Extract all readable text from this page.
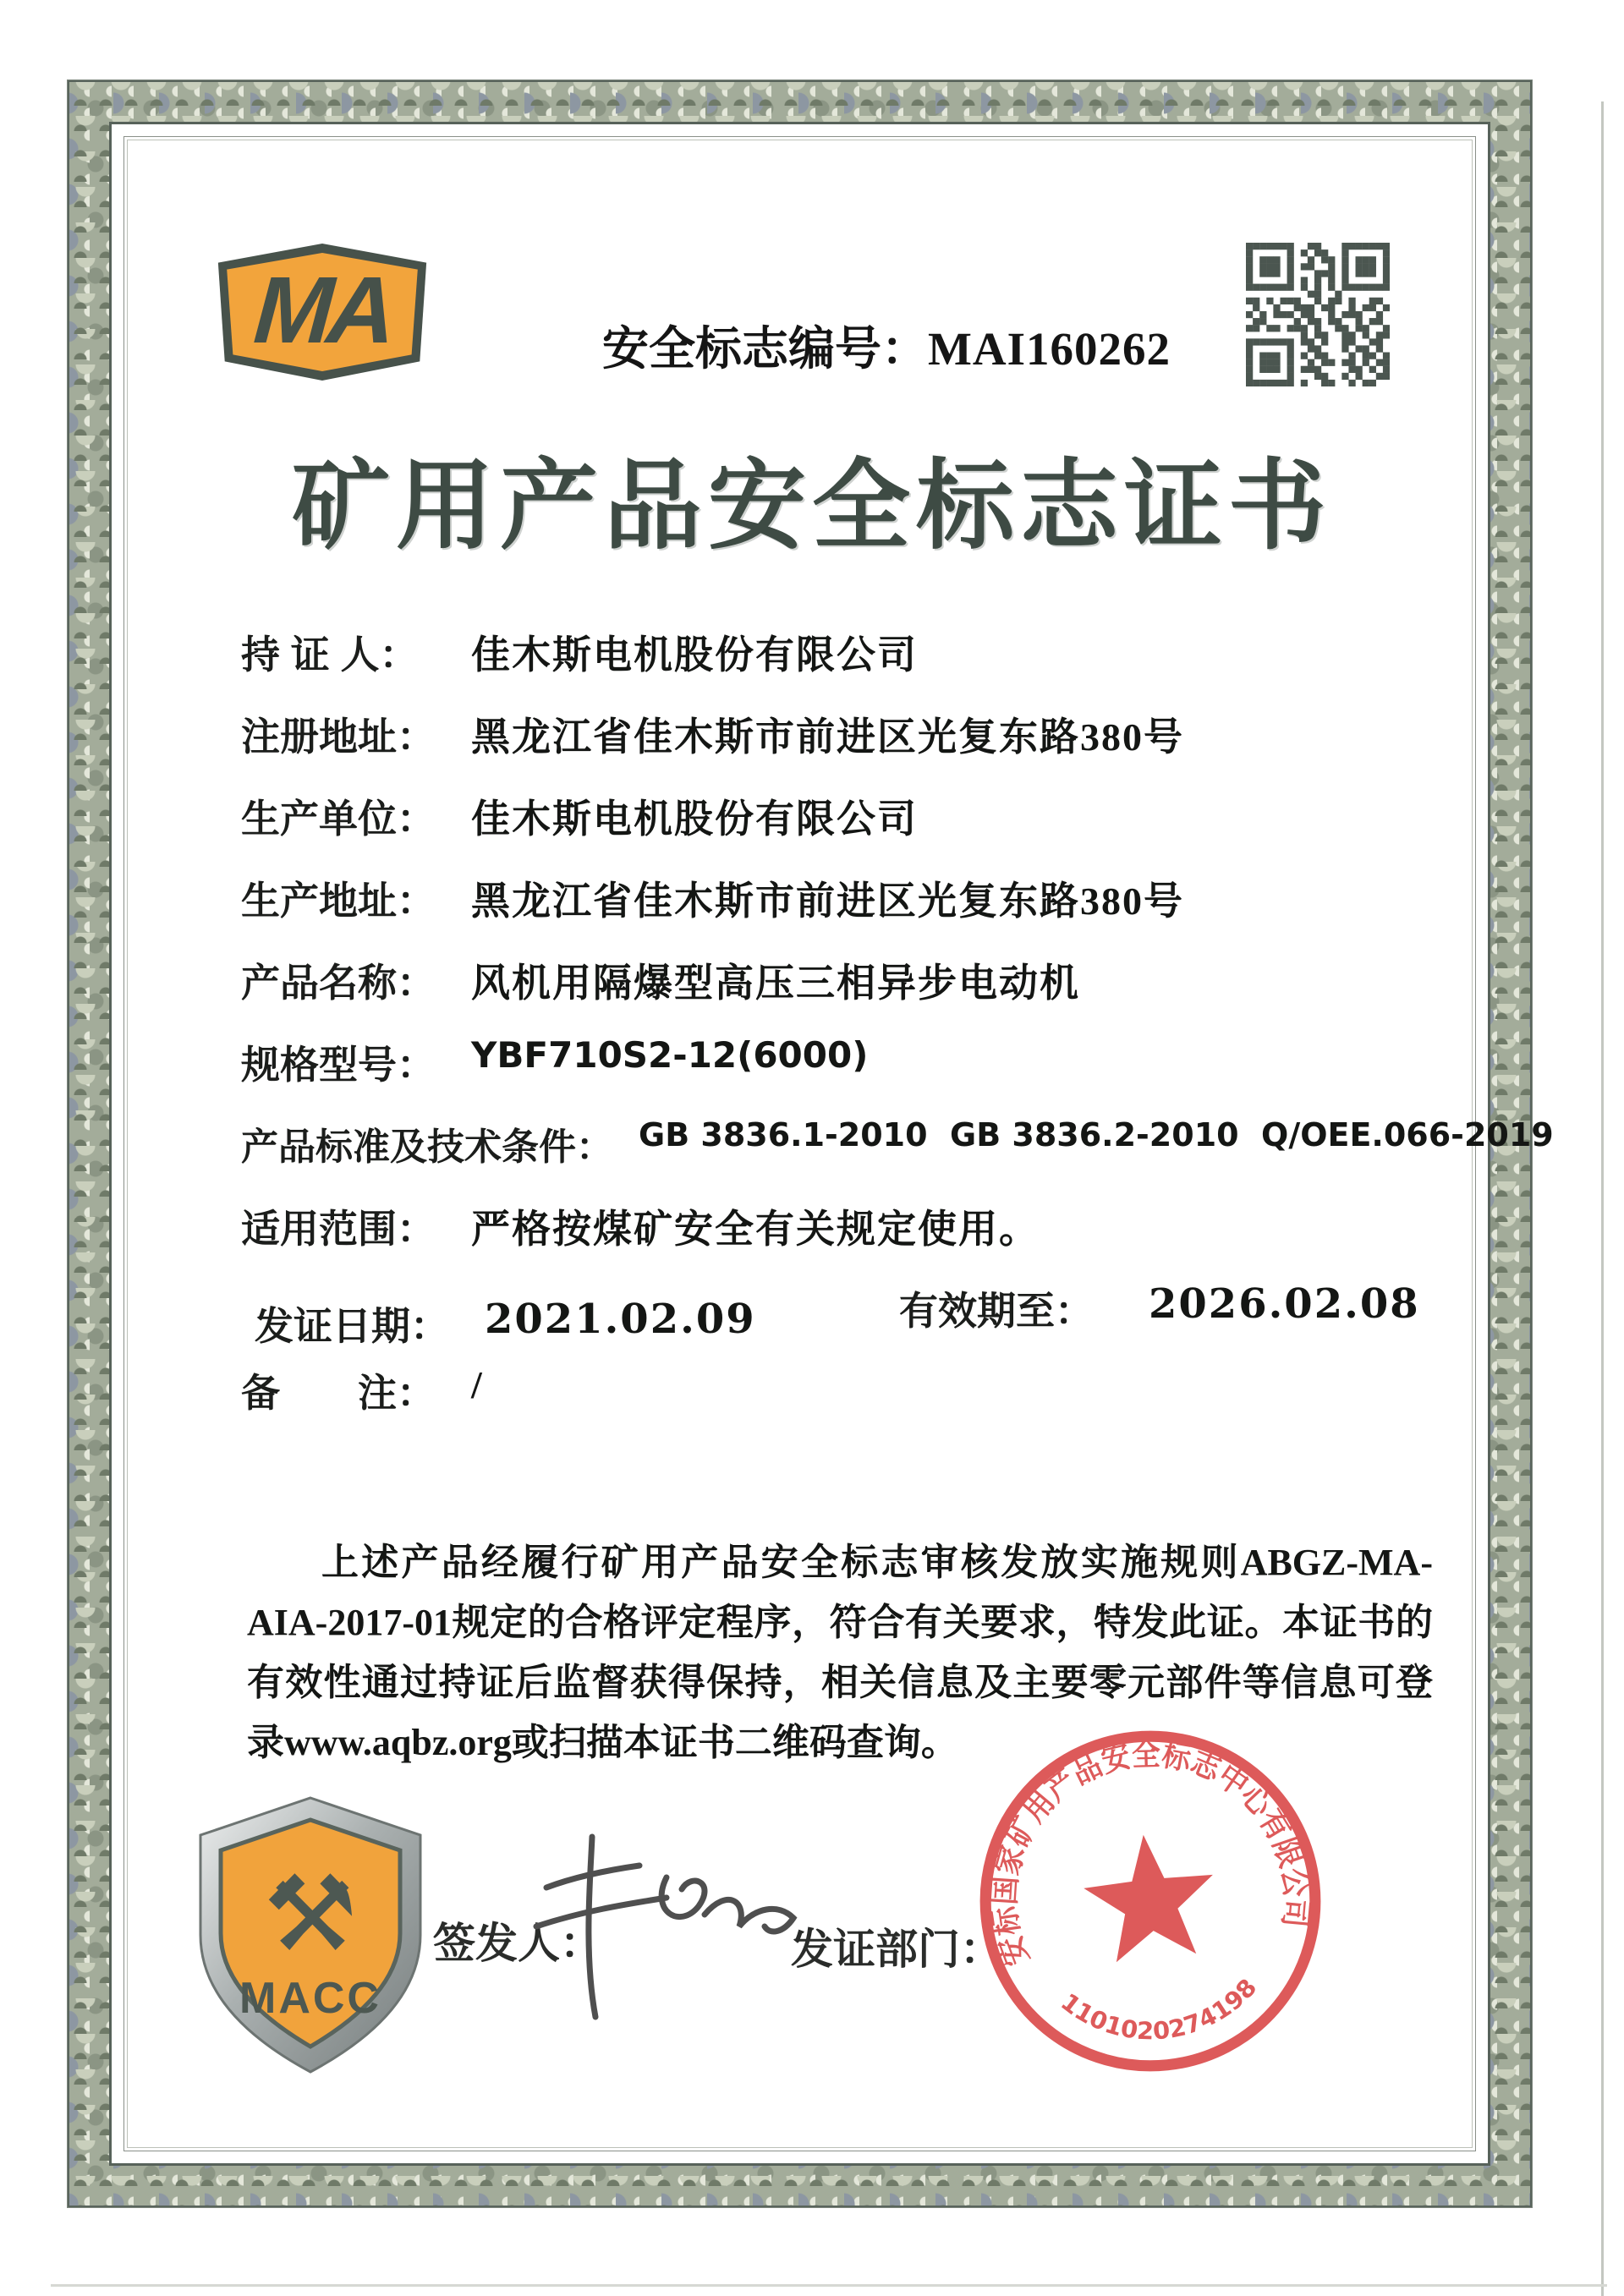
MA	安全标志编号：MAI160262
矿用产品安全标志证书
持 证 人： 佳木斯电机股份有限公司
注册地址： 黑龙江省佳木斯市前进区光复东路380号
生产单位： 佳木斯电机股份有限公司
生产地址： 黑龙江省佳木斯市前进区光复东路380号
产品名称： 风机用隔爆型高压三相异步电动机
规格型号： YBF710S2-12(6000)
产品标准及技术条件： GB 3836.1-2010  GB 3836.2-2010  Q/OEE.066-2019
适用范围： 严格按煤矿安全有关规定使用。

发证日期： 2021.02.09
	有效期至： 2026.02.08

备　　注： /
上述产品经履行矿用产品安全标志审核发放实施规则ABGZ-MA-AIA-2017-01规定的合格评定程序，符合有关要求，特发此证。本证书的有效性通过持证后监督获得保持，相关信息及主要零元部件等信息可登录www.aqbz.org或扫描本证书二维码查询。
⚒
MACC
签发人：	发证部门：
安标国家矿用产品安全标志中心有限公司
1101020274198
